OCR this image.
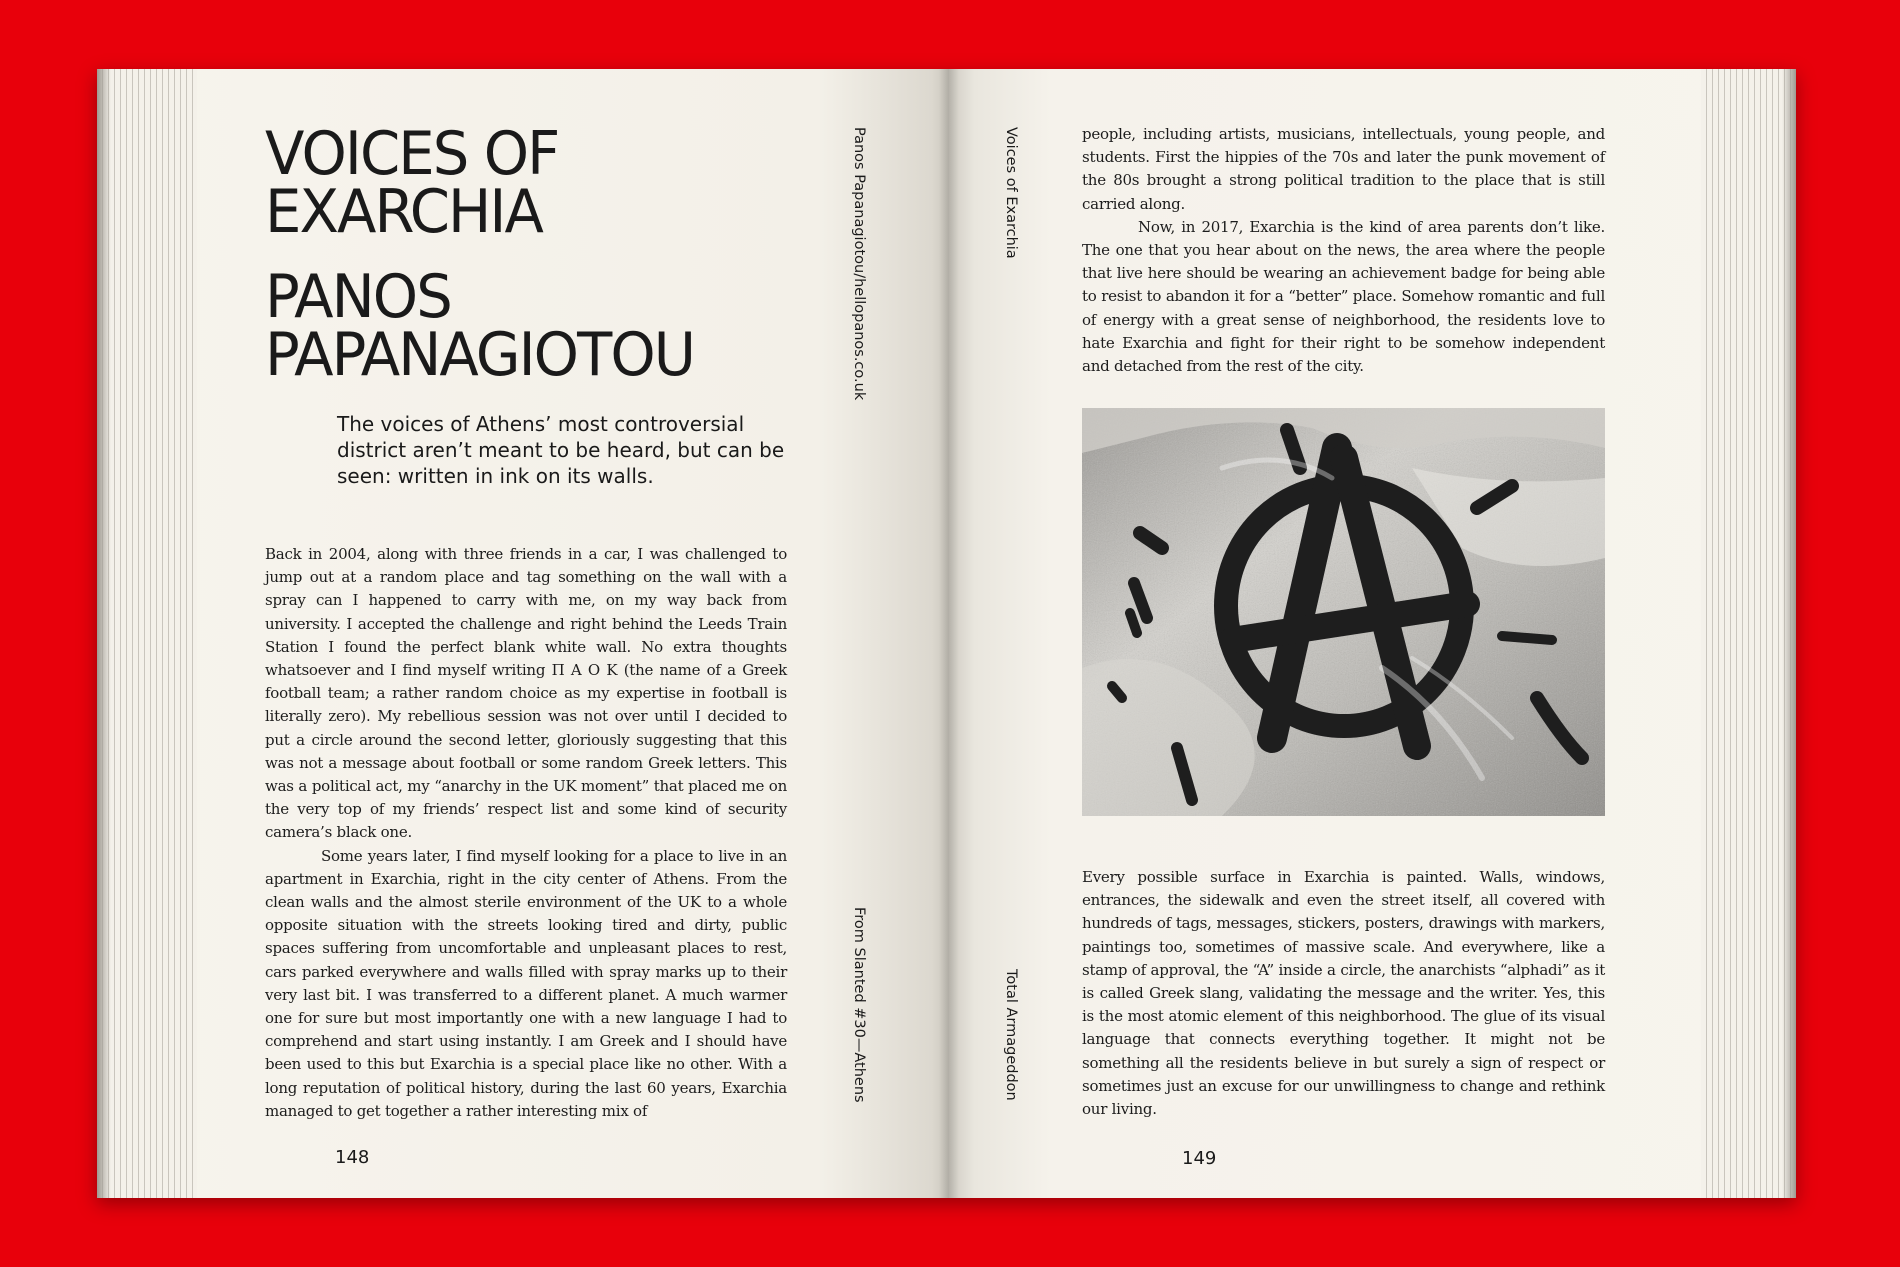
VOICES OF
EXARCHIA
PANOS
PAPANAGIOTOU

The voices of Athens’ most controversial district aren’t meant to be heard, but can be seen: written in ink on its walls.

Back in 2004, along with three friends in a car, I was challenged to jump out at a random place and tag something on the wall with a spray can I happened to carry with me, on my way back from university. I accepted the challenge and right behind the Leeds Train Station I found the perfect blank white wall. No extra thoughts whatsoever and I find myself writing Π Α Ο Κ (the name of a Greek football team; a rather random choice as my expertise in football is literally zero). My rebellious session was not over until I decided to put a circle around the second letter, gloriously suggesting that this was not a message about football or some random Greek letters. This was a political act, my “anarchy in the UK moment” that placed me on the very top of my friends’ respect list and some kind of security camera’s black one.

Some years later, I find myself looking for a place to live in an apartment in Exarchia, right in the city center of Athens. From the clean walls and the almost sterile environment of the UK to a whole opposite situation with the streets looking tired and dirty, public spaces suffering from uncomfortable and unpleasant places to rest, cars parked everywhere and walls filled with spray marks up to their very last bit. I was transferred to a different planet. A much warmer one for sure but most importantly one with a new language I had to comprehend and start using instantly. I am Greek and I should have been used to this but Exarchia is a special place like no other. With a long reputation of political history, during the last 60 years, Exarchia managed to get together a rather interesting mix of

Panos Papanagiotou/hellopanos.co.uk
From Slanted #30—Athens
148
Voices of Exarchia
Total Armageddon

people, including artists, musicians, intellectuals, young people, and students. First the hippies of the 70s and later the punk movement of the 80s brought a strong political tradition to the place that is still carried along.

Now, in 2017, Exarchia is the kind of area parents don’t like. The one that you hear about on the news, the area where the people that live here should be wearing an achievement badge for being able to resist to abandon it for a “better” place. Somehow romantic and full of energy with a great sense of neighborhood, the residents love to hate Exarchia and fight for their right to be somehow independent and detached from the rest of the city.

Every possible surface in Exarchia is painted. Walls, windows, entrances, the sidewalk and even the street itself, all covered with hundreds of tags, messages, stickers, posters, drawings with markers, paintings too, sometimes of massive scale. And everywhere, like a stamp of approval, the “A” inside a circle, the anarchists “alphadi” as it is called Greek slang, validating the message and the writer. Yes, this is the most atomic element of this neighborhood. The glue of its visual language that connects everything together. It might not be something all the residents believe in but surely a sign of respect or sometimes just an excuse for our unwillingness to change and rethink our living.

149
